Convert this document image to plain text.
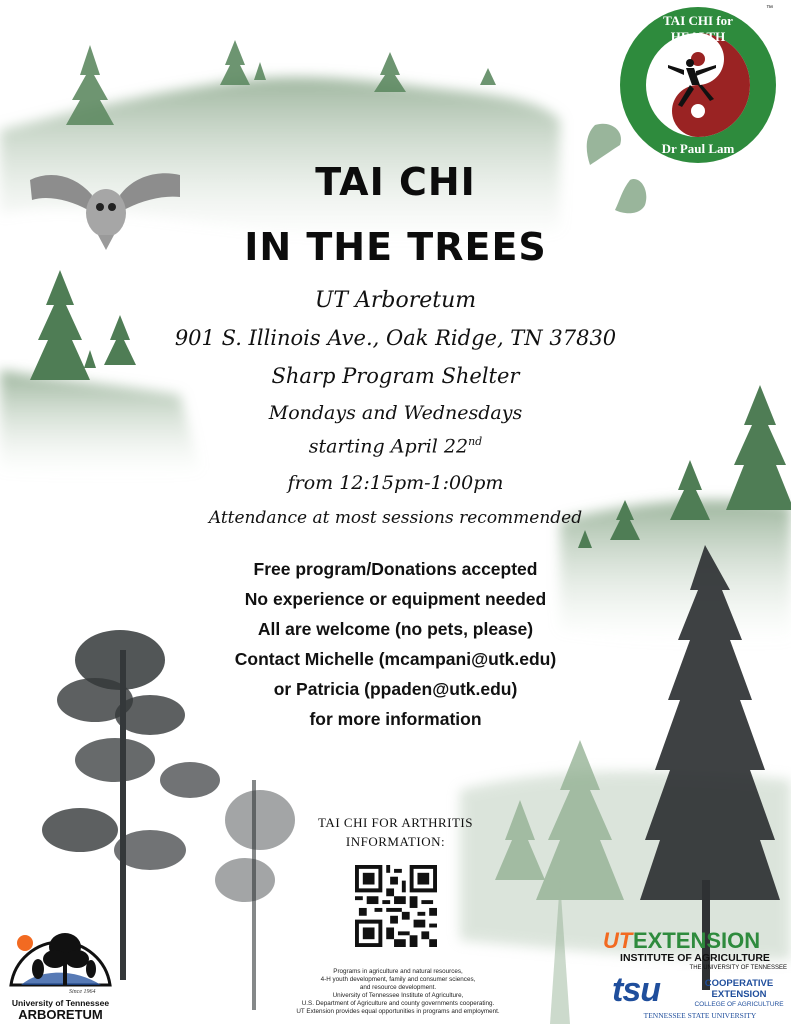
TAI CHI for HEALTH
Dr Paul Lam
™
TAI CHI
IN THE TREES
UT Arboretum
901 S. Illinois Ave., Oak Ridge, TN 37830
Sharp Program Shelter
Mondays and Wednesdays
starting April 22nd
from 12:15pm-1:00pm
Attendance at most sessions recommended
Free program/Donations accepted
No experience or equipment needed
All are welcome (no pets, please)
Contact Michelle (mcampani@utk.edu)
or Patricia (ppaden@utk.edu)
for more information
TAI CHI FOR ARTHRITIS
INFORMATION:
Since 1964
University of Tennessee
ARBORETUM
Programs in agriculture and natural resources,
4-H youth development, family and consumer sciences,
and resource development.
University of Tennessee Institute of Agriculture,
U.S. Department of Agriculture and county governments cooperating.
UT Extension provides equal opportunities in programs and employment.
UT EXTENSION
INSTITUTE OF AGRICULTURE
THE UNIVERSITY OF TENNESSEE
tsu	COOPERATIVE
EXTENSION
COLLEGE OF AGRICULTURE
TENNESSEE STATE UNIVERSITY
